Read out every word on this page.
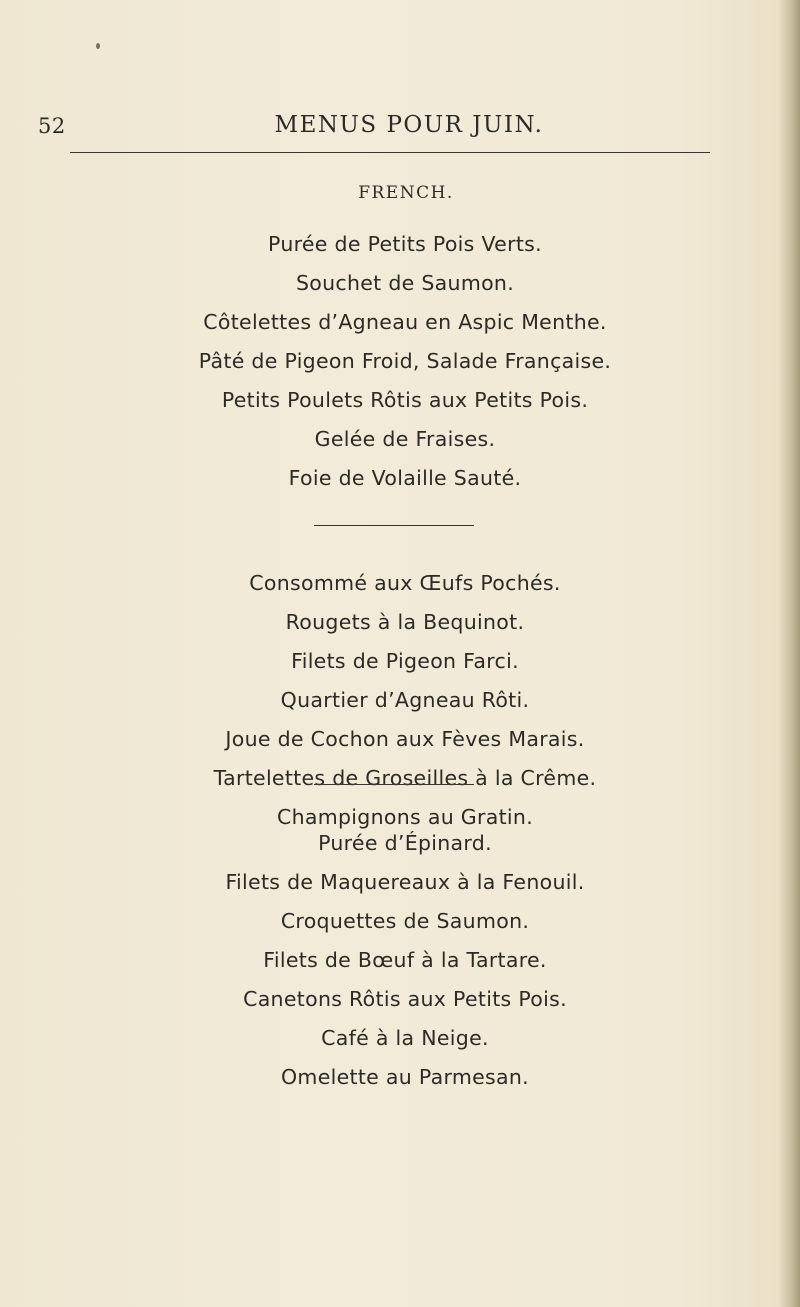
52	MENUS POUR JUIN.
FRENCH.
Purée de Petits Pois Verts.
Souchet de Saumon.
Côtelettes d’Agneau en Aspic Menthe.
Pâté de Pigeon Froid, Salade Française.
Petits Poulets Rôtis aux Petits Pois.
Gelée de Fraises.
Foie de Volaille Sauté.
Consommé aux Œufs Pochés.
Rougets à la Bequinot.
Filets de Pigeon Farci.
Quartier d’Agneau Rôti.
Joue de Cochon aux Fèves Marais.
Tartelettes de Groseilles à la Crême.
Champignons au Gratin.
Purée d’Épinard.
Filets de Maquereaux à la Fenouil.
Croquettes de Saumon.
Filets de Bœuf à la Tartare.
Canetons Rôtis aux Petits Pois.
Café à la Neige.
Omelette au Parmesan.
